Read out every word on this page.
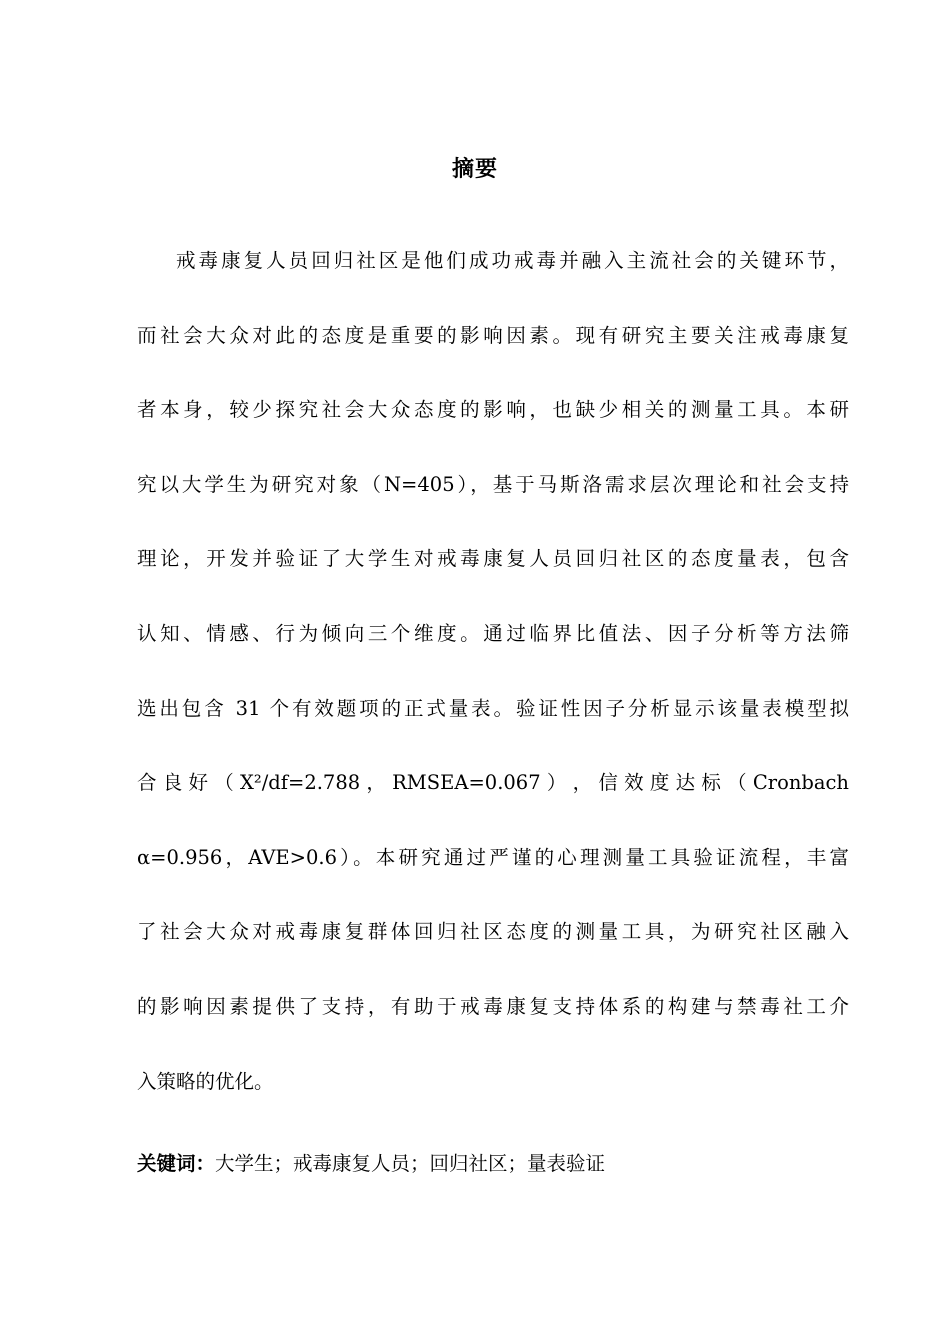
摘要
戒毒康复人员回归社区是他们成功戒毒并融入主流社会的关键环节，
而社会大众对此的态度是重要的影响因素。现有研究主要关注戒毒康复
者本身，较少探究社会大众态度的影响，也缺少相关的测量工具。本研
究以大学生为研究对象（N=405），基于马斯洛需求层次理论和社会支持
理论，开发并验证了大学生对戒毒康复人员回归社区的态度量表，包含
认知、情感、行为倾向三个维度。通过临界比值法、因子分析等方法筛
选出包含 31 个有效题项的正式量表。验证性因子分析显示该量表模型拟
合 良 好 （ X²/df=2.788 ， RMSEA=0.067 ） ， 信 效 度 达 标 （ Cronbach
α=0.956，AVE>0.6）。本研究通过严谨的心理测量工具验证流程，丰富
了社会大众对戒毒康复群体回归社区态度的测量工具，为研究社区融入
的影响因素提供了支持，有助于戒毒康复支持体系的构建与禁毒社工介
入策略的优化。
关键词：大学生；戒毒康复人员；回归社区；量表验证
